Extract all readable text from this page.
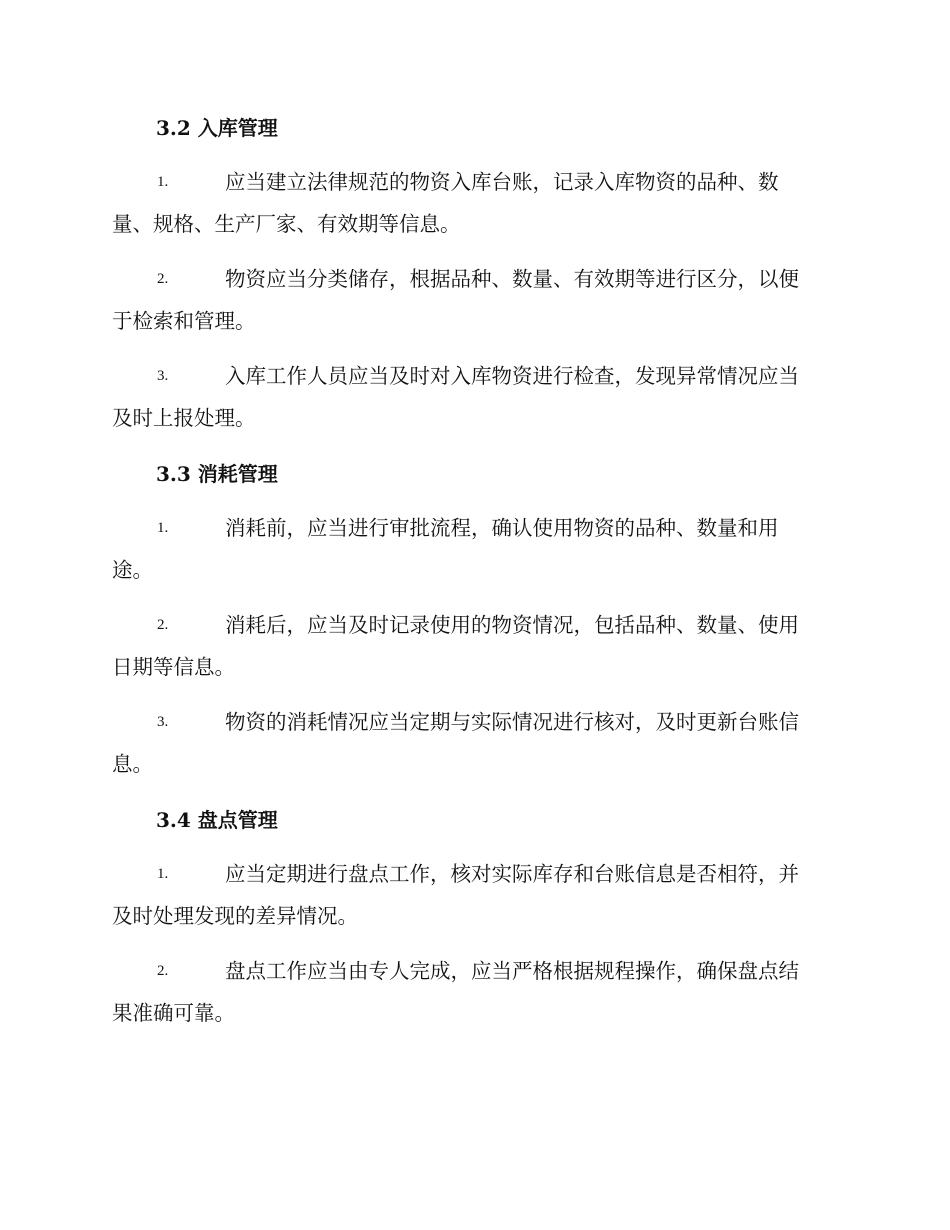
3.2 入库管理
1.	应当建立法律规范的物资入库台账，记录入库物资的品种、数
量、规格、生产厂家、有效期等信息。
2.	物资应当分类储存，根据品种、数量、有效期等进行区分，以便
于检索和管理。
3.	入库工作人员应当及时对入库物资进行检查，发现异常情况应当
及时上报处理。
3.3 消耗管理
1.	消耗前，应当进行审批流程，确认使用物资的品种、数量和用
途。
2.	消耗后，应当及时记录使用的物资情况，包括品种、数量、使用
日期等信息。
3.	物资的消耗情况应当定期与实际情况进行核对，及时更新台账信
息。
3.4 盘点管理
1.	应当定期进行盘点工作，核对实际库存和台账信息是否相符，并
及时处理发现的差异情况。
2.	盘点工作应当由专人完成，应当严格根据规程操作，确保盘点结
果准确可靠。
